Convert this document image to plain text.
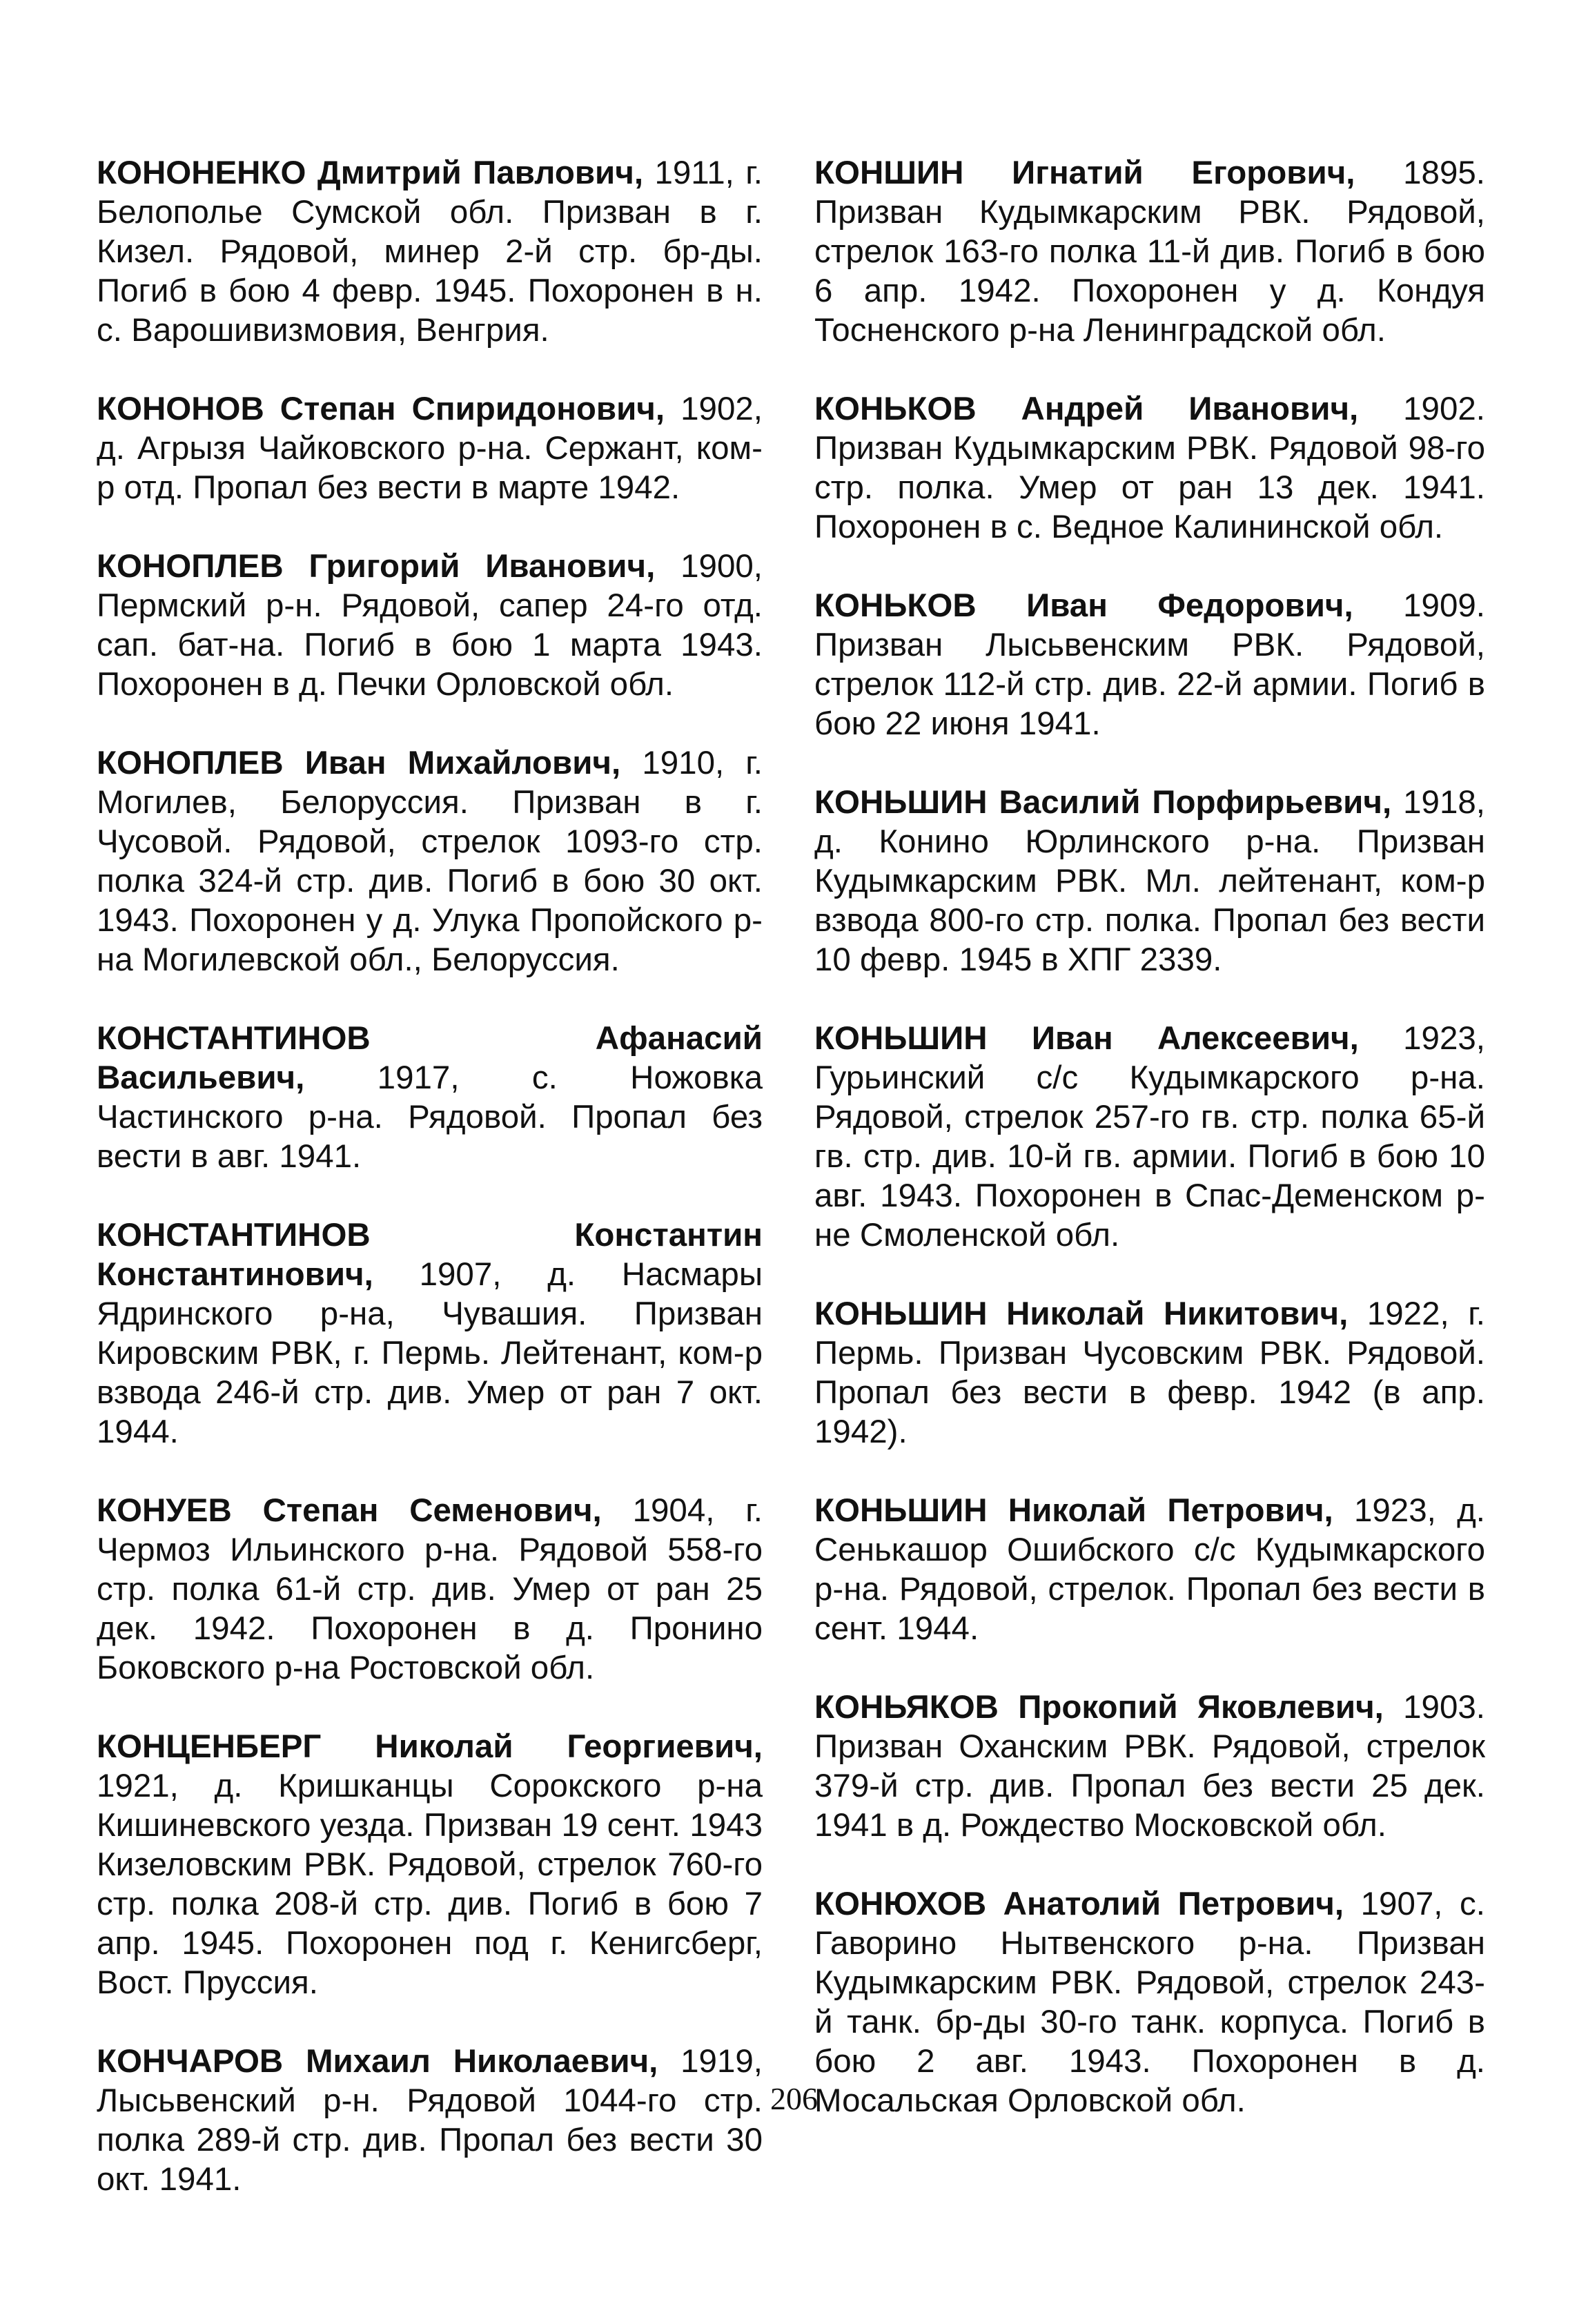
КОНОНЕНКО Дмитрий Павлович, 1911, г. Белополье Сумской обл. Призван в г. Кизел. Рядовой, минер 2-й стр. бр-ды. Погиб в бою 4 февр. 1945. Похоронен в н. с. Варошивизмовия, Венгрия.

КОНОНОВ Степан Спиридонович, 1902, д. Агрызя Чайковского р-на. Сержант, ком-р отд. Пропал без вести в марте 1942.

КОНОПЛЕВ Григорий Иванович, 1900, Пермский р-н. Рядовой, сапер 24-го отд. сап. бат-на. Погиб в бою 1 марта 1943. Похоронен в д. Печки Орловской обл.

КОНОПЛЕВ Иван Михайлович, 1910, г. Могилев, Белоруссия. Призван в г. Чусовой. Рядовой, стрелок 1093-го стр. полка 324-й стр. див. Погиб в бою 30 окт. 1943. Похоронен у д. Улука Пропойского р-на Могилевской обл., Белоруссия.

КОНСТАНТИНОВ Афанасий Васильевич, 1917, с. Ножовка Частинского р-на. Рядовой. Пропал без вести в авг. 1941.

КОНСТАНТИНОВ Константин Константинович, 1907, д. Насмары Ядринского р-на, Чувашия. Призван Кировским РВК, г. Пермь. Лейтенант, ком-р взвода 246-й стр. див. Умер от ран 7 окт. 1944.

КОНУЕВ Степан Семенович, 1904, г. Чермоз Ильинского р-на. Рядовой 558-го стр. полка 61-й стр. див. Умер от ран 25 дек. 1942. Похоронен в д. Пронино Боковского р-на Ростовской обл.

КОНЦЕНБЕРГ Николай Георгиевич, 1921, д. Кришканцы Сорокского р-на Кишиневского уезда. Призван 19 сент. 1943 Кизеловским РВК. Рядовой, стрелок 760-го стр. полка 208-й стр. див. Погиб в бою 7 апр. 1945. Похоронен под г. Кенигсберг, Вост. Пруссия.

КОНЧАРОВ Михаил Николаевич, 1919, Лысьвенский р-н. Рядовой 1044-го стр. полка 289-й стр. див. Пропал без вести 30 окт. 1941.

КОНШИН Игнатий Егорович, 1895. Призван Кудымкарским РВК. Рядовой, стрелок 163-го полка 11-й див. Погиб в бою 6 апр. 1942. Похоронен у д. Кондуя Тосненского р-на Ленинградской обл.

КОНЬКОВ Андрей Иванович, 1902. Призван Кудымкарским РВК. Рядовой 98-го стр. полка. Умер от ран 13 дек. 1941. Похоронен в с. Ведное Калининской обл.

КОНЬКОВ Иван Федорович, 1909. Призван Лысьвенским РВК. Рядовой, стрелок 112-й стр. див. 22-й армии. Погиб в бою 22 июня 1941.

КОНЬШИН Василий Порфирьевич, 1918, д. Конино Юрлинского р-на. Призван Кудымкарским РВК. Мл. лейтенант, ком-р взвода 800-го стр. полка. Пропал без вести 10 февр. 1945 в ХПГ 2339.

КОНЬШИН Иван Алексеевич, 1923, Гурьинский с/с Кудымкарского р-на. Рядовой, стрелок 257-го гв. стр. полка 65-й гв. стр. див. 10-й гв. армии. Погиб в бою 10 авг. 1943. Похоронен в Спас-Деменском р-не Смоленской обл.

КОНЬШИН Николай Никитович, 1922, г. Пермь. Призван Чусовским РВК. Рядовой. Пропал без вести в февр. 1942 (в апр. 1942).

КОНЬШИН Николай Петрович, 1923, д. Сенькашор Ошибского с/с Кудымкарского р-на. Рядовой, стрелок. Пропал без вести в сент. 1944.

КОНЬЯКОВ Прокопий Яковлевич, 1903. Призван Оханским РВК. Рядовой, стрелок 379-й стр. див. Пропал без вести 25 дек. 1941 в д. Рождество Московской обл.

КОНЮХОВ Анатолий Петрович, 1907, с. Гаворино Нытвенского р-на. Призван Кудымкарским РВК. Рядовой, стрелок 243-й танк. бр-ды 30-го танк. корпуса. Погиб в бою 2 авг. 1943. Похоронен в д. Мосальская Орловской обл.

206
